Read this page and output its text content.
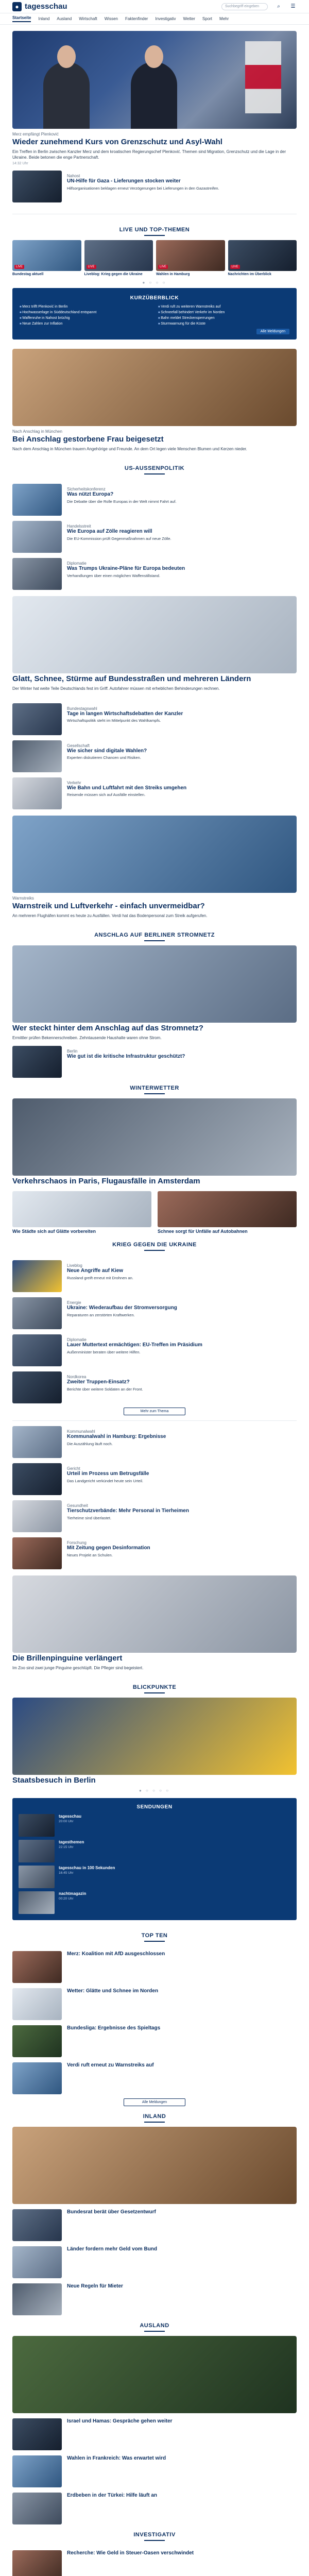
● tagesschau	Suchbegriff eingeben	⌕	☰
Startseite Inland Ausland Wirtschaft Wissen Faktenfinder Investigativ Wetter Sport Mehr
Merz empfängt Plenković
Wieder zunehmend Kurs von Grenzschutz und Asyl-Wahl
Ein Treffen in Berlin zwischen Kanzler Merz und dem kroatischen Regierungschef Plenković. Themen sind Migration, Grenzschutz und die Lage in der Ukraine. Beide betonen die enge Partnerschaft.
14:32 Uhr
Nahost
UN-Hilfe für Gaza - Lieferungen stocken weiter
Hilfsorganisationen beklagen erneut Verzögerungen bei Lieferungen in den Gazastreifen.
LIVE UND TOP-THEMEN
LIVE
Bundestag aktuell
LIVE
Liveblog: Krieg gegen die Ukraine
LIVE
Wahlen in Hamburg
LIVE
Nachrichten im Überblick
● ○ ○ ○
KURZÜBERBLICK
■ Merz trifft Plenković in Berlin	■ Verdi ruft zu weiteren Warnstreiks auf
■ Hochwasserlage in Süddeutschland entspannt	■ Schneefall behindert Verkehr im Norden
■ Waffenruhe in Nahost brüchig	■ Bahn meldet Streckensperrungen
■ Neue Zahlen zur Inflation	■ Sturmwarnung für die Küste
Alle Meldungen
Nach Anschlag in München
Bei Anschlag gestorbene Frau beigesetzt
Nach dem Anschlag in München trauern Angehörige und Freunde. An dem Ort legen viele Menschen Blumen und Kerzen nieder.
US-AUSSENPOLITIK
Sicherheitskonferenz
Was nützt Europa?
Die Debatte über die Rolle Europas in der Welt nimmt Fahrt auf.
Handelsstreit
Wie Europa auf Zölle reagieren will
Die EU-Kommission prüft Gegenmaßnahmen auf neue Zölle.
Diplomatie
Was Trumps Ukraine-Pläne für Europa bedeuten
Verhandlungen über einen möglichen Waffenstillstand.
Glatt, Schnee, Stürme auf Bundesstraßen und mehreren Ländern
Der Winter hat weite Teile Deutschlands fest im Griff. Autofahrer müssen mit erheblichen Behinderungen rechnen.
Bundestagswahl
Tage in langen Wirtschaftsdebatten der Kanzler
Wirtschaftspolitik steht im Mittelpunkt des Wahlkampfs.
Gesellschaft
Wie sicher sind digitale Wahlen?
Experten diskutieren Chancen und Risiken.
Verkehr
Wie Bahn und Luftfahrt mit den Streiks umgehen
Reisende müssen sich auf Ausfälle einstellen.
Warnstreiks
Warnstreik und Luftverkehr - einfach unvermeidbar?
An mehreren Flughäfen kommt es heute zu Ausfällen. Verdi hat das Bodenpersonal zum Streik aufgerufen.
ANSCHLAG AUF BERLINER STROMNETZ
Wer steckt hinter dem Anschlag auf das Stromnetz?
Ermittler prüfen Bekennerschreiben. Zehntausende Haushalte waren ohne Strom.
Berlin
Wie gut ist die kritische Infrastruktur geschützt?
WINTERWETTER
Verkehrschaos in Paris, Flugausfälle in Amsterdam
Wie Städte sich auf Glätte vorbereiten	Schnee sorgt für Unfälle auf Autobahnen
KRIEG GEGEN DIE UKRAINE
Liveblog
Neue Angriffe auf Kiew
Russland greift erneut mit Drohnen an.
Energie
Ukraine: Wiederaufbau der Stromversorgung
Reparaturen an zerstörten Kraftwerken.
Diplomatie
Lauer Muttertext ermächtigen: EU-Treffen im Präsidium
Außenminister beraten über weitere Hilfen.
Nordkorea
Zweiter Truppen-Einsatz?
Berichte über weitere Soldaten an der Front.
Mehr zum Thema
Kommunalwahl
Kommunalwahl in Hamburg: Ergebnisse
Die Auszählung läuft noch.
Gericht
Urteil im Prozess um Betrugsfälle
Das Landgericht verkündet heute sein Urteil.
Gesundheit
Tierschutzverbände: Mehr Personal in Tierheimen
Tierheime sind überlastet.
Forschung
Mit Zeitung gegen Desinformation
Neues Projekt an Schulen.
Die Brillenpinguine verlängert
Im Zoo sind zwei junge Pinguine geschlüpft. Die Pfleger sind begeistert.
BLICKPUNKTE
Staatsbesuch in Berlin
● ○ ○ ○ ○
SENDUNGEN
tagesschau
20:00 Uhr
tagesthemen
22:15 Uhr
tagesschau in 100 Sekunden
16:45 Uhr
nachtmagazin
00:20 Uhr
TOP TEN
Merz: Koalition mit AfD ausgeschlossen
Wetter: Glätte und Schnee im Norden
Bundesliga: Ergebnisse des Spieltags
Verdi ruft erneut zu Warnstreiks auf
Alle Meldungen
INLAND
Bundesrat berät über Gesetzentwurf
Länder fordern mehr Geld vom Bund
Neue Regeln für Mieter
AUSLAND
Israel und Hamas: Gespräche gehen weiter
Wahlen in Frankreich: Was erwartet wird
Erdbeben in der Türkei: Hilfe läuft an
INVESTIGATIV
Recherche: Wie Geld in Steuer-Oasen verschwindet
